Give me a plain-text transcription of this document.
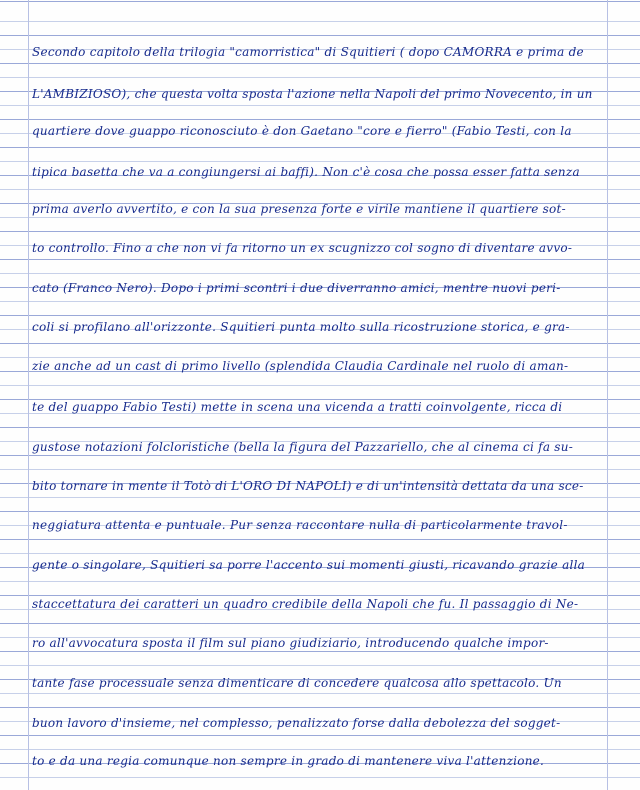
Secondo capitolo della trilogia "camorristica" di Squitieri ( dopo CAMORRA e prima de
L'AMBIZIOSO), che questa volta sposta l'azione nella Napoli del primo Novecento, in un
quartiere dove guappo riconosciuto è don Gaetano "core e fierro" (Fabio Testi, con la
tipica basetta che va a congiungersi ai baffi). Non c'è cosa che possa esser fatta senza
prima averlo avvertito, e con la sua presenza forte e virile mantiene il quartiere sot-
to controllo. Fino a che non vi fa ritorno un ex scugnizzo col sogno di diventare avvo-
cato (Franco Nero). Dopo i primi scontri i due diverranno amici, mentre nuovi peri-
coli si profilano all'orizzonte. Squitieri punta molto sulla ricostruzione storica, e gra-
zie anche ad un cast di primo livello (splendida Claudia Cardinale nel ruolo di aman-
te del guappo Fabio Testi) mette in scena una vicenda a tratti coinvolgente, ricca di
gustose notazioni folcloristiche (bella la figura del Pazzariello, che al cinema ci fa su-
bito tornare in mente il Totò di L'ORO DI NAPOLI) e di un'intensità dettata da una sce-
neggiatura attenta e puntuale. Pur senza raccontare nulla di particolarmente travol-
gente o singolare, Squitieri sa porre l'accento sui momenti giusti, ricavando grazie alla
staccettatura dei caratteri un quadro credibile della Napoli che fu. Il passaggio di Ne-
ro all'avvocatura sposta il film sul piano giudiziario, introducendo qualche impor-
tante fase processuale senza dimenticare di concedere qualcosa allo spettacolo. Un
buon lavoro d'insieme, nel complesso, penalizzato forse dalla debolezza del sogget-
to e da una regia comunque non sempre in grado di mantenere viva l'attenzione.
